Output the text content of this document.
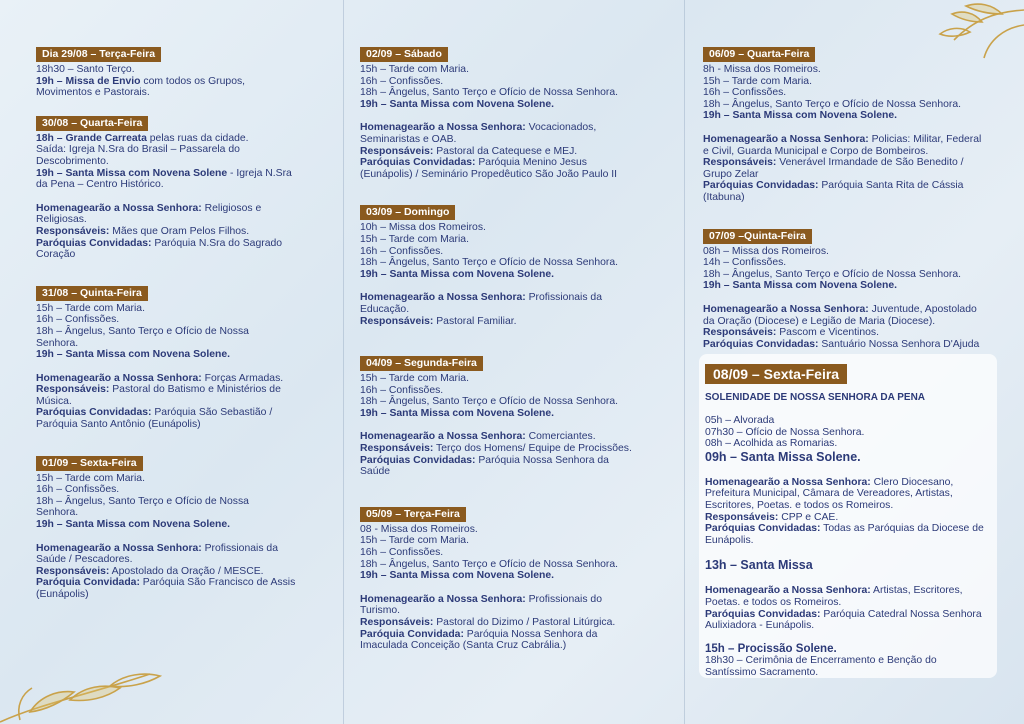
Dia 29/08 – Terça-Feira
18h30 – Santo Terço.
19h – Missa de Envio com todos os Grupos,
Movimentos e Pastorais.
30/08 – Quarta-Feira
18h – Grande Carreata pelas ruas da cidade.
Saída: Igreja N.Sra do Brasil – Passarela do
Descobrimento.
19h – Santa Missa com Novena Solene - Igreja N.Sra
da Pena – Centro Histórico.
Homenagearão a Nossa Senhora: Religiosos e
Religiosas.
Responsáveis: Mães que Oram Pelos Filhos.
Paróquias Convidadas: Paróquia N.Sra do Sagrado
Coração
31/08 – Quinta-Feira
15h – Tarde com Maria.
16h – Confissões.
18h – Ângelus, Santo Terço e Ofício de Nossa
Senhora.
19h – Santa Missa com Novena Solene.
Homenagearão a Nossa Senhora: Forças Armadas.
Responsáveis: Pastoral do Batismo e Ministérios de
Música.
Paróquias Convidadas: Paróquia São Sebastião /
Paróquia Santo Antônio (Eunápolis)
01/09 – Sexta-Feira
15h – Tarde com Maria.
16h – Confissões.
18h – Ângelus, Santo Terço e Ofício de Nossa
Senhora.
19h – Santa Missa com Novena Solene.
Homenagearão a Nossa Senhora: Profissionais da
Saúde / Pescadores.
Responsáveis: Apostolado da Oração / MESCE.
Paróquia Convidada: Paróquia São Francisco de Assis
(Eunápolis)
02/09 – Sábado
15h – Tarde com Maria.
16h – Confissões.
18h – Ângelus, Santo Terço e Ofício de Nossa Senhora.
19h – Santa Missa com Novena Solene.
Homenagearão a Nossa Senhora: Vocacionados,
Seminaristas e OAB.
Responsáveis: Pastoral da Catequese e MEJ.
Paróquias Convidadas: Paróquia Menino Jesus
(Eunápolis) / Seminário Propedêutico São João Paulo II
03/09 – Domingo
10h – Missa dos Romeiros.
15h – Tarde com Maria.
16h – Confissões.
18h – Ângelus, Santo Terço e Ofício de Nossa Senhora.
19h – Santa Missa com Novena Solene.
Homenagearão a Nossa Senhora: Profissionais da
Educação.
Responsáveis: Pastoral Familiar.
04/09 – Segunda-Feira
15h – Tarde com Maria.
16h – Confissões.
18h – Ângelus, Santo Terço e Ofício de Nossa Senhora.
19h – Santa Missa com Novena Solene.
Homenagearão a Nossa Senhora: Comerciantes.
Responsáveis: Terço dos Homens/ Equipe de Procissões.
Paróquias Convidadas: Paróquia Nossa Senhora da
Saúde
05/09 – Terça-Feira
08 - Missa dos Romeiros.
15h – Tarde com Maria.
16h – Confissões.
18h – Ângelus, Santo Terço e Ofício de Nossa Senhora.
19h – Santa Missa com Novena Solene.
Homenagearão a Nossa Senhora: Profissionais do
Turismo.
Responsáveis: Pastoral do Dizimo / Pastoral Litúrgica.
Paróquia Convidada: Paróquia Nossa Senhora da
Imaculada Conceição (Santa Cruz Cabrália.)
06/09 – Quarta-Feira
8h - Missa dos Romeiros.
15h – Tarde com Maria.
16h – Confissões.
18h – Ângelus, Santo Terço e Ofício de Nossa Senhora.
19h – Santa Missa com Novena Solene.
Homenagearão a Nossa Senhora: Policias: Militar, Federal
e Civil, Guarda Municipal e Corpo de Bombeiros.
Responsáveis: Venerável Irmandade de São Benedito /
Grupo Zelar
Paróquias Convidadas: Paróquia Santa Rita de Cássia
(Itabuna)
07/09 –Quinta-Feira
08h – Missa dos Romeiros.
14h – Confissões.
18h – Ângelus, Santo Terço e Ofício de Nossa Senhora.
19h – Santa Missa com Novena Solene.
Homenagearão a Nossa Senhora: Juventude, Apostolado
da Oração (Diocese) e Legião de Maria (Diocese).
Responsáveis: Pascom e Vicentinos.
Paróquias Convidadas: Santuário Nossa Senhora D'Ajuda
08/09 – Sexta-Feira
SOLENIDADE DE NOSSA SENHORA DA PENA
05h – Alvorada
07h30 – Ofício de Nossa Senhora.
08h – Acolhida as Romarias.
09h – Santa Missa Solene.
Homenagearão a Nossa Senhora: Clero Diocesano,
Prefeitura Municipal, Câmara de Vereadores, Artistas,
Escritores, Poetas. e todos os Romeiros.
Responsáveis: CPP e CAE.
Paróquias Convidadas: Todas as Paróquias da Diocese de
Eunápolis.
13h – Santa Missa
Homenagearão a Nossa Senhora: Artistas, Escritores,
Poetas. e todos os Romeiros.
Paróquias Convidadas: Paróquia Catedral Nossa Senhora
Aulixiadora - Eunápolis.
15h – Procissão Solene.
18h30 – Cerimônia de Encerramento e Benção do
Santíssimo Sacramento.
